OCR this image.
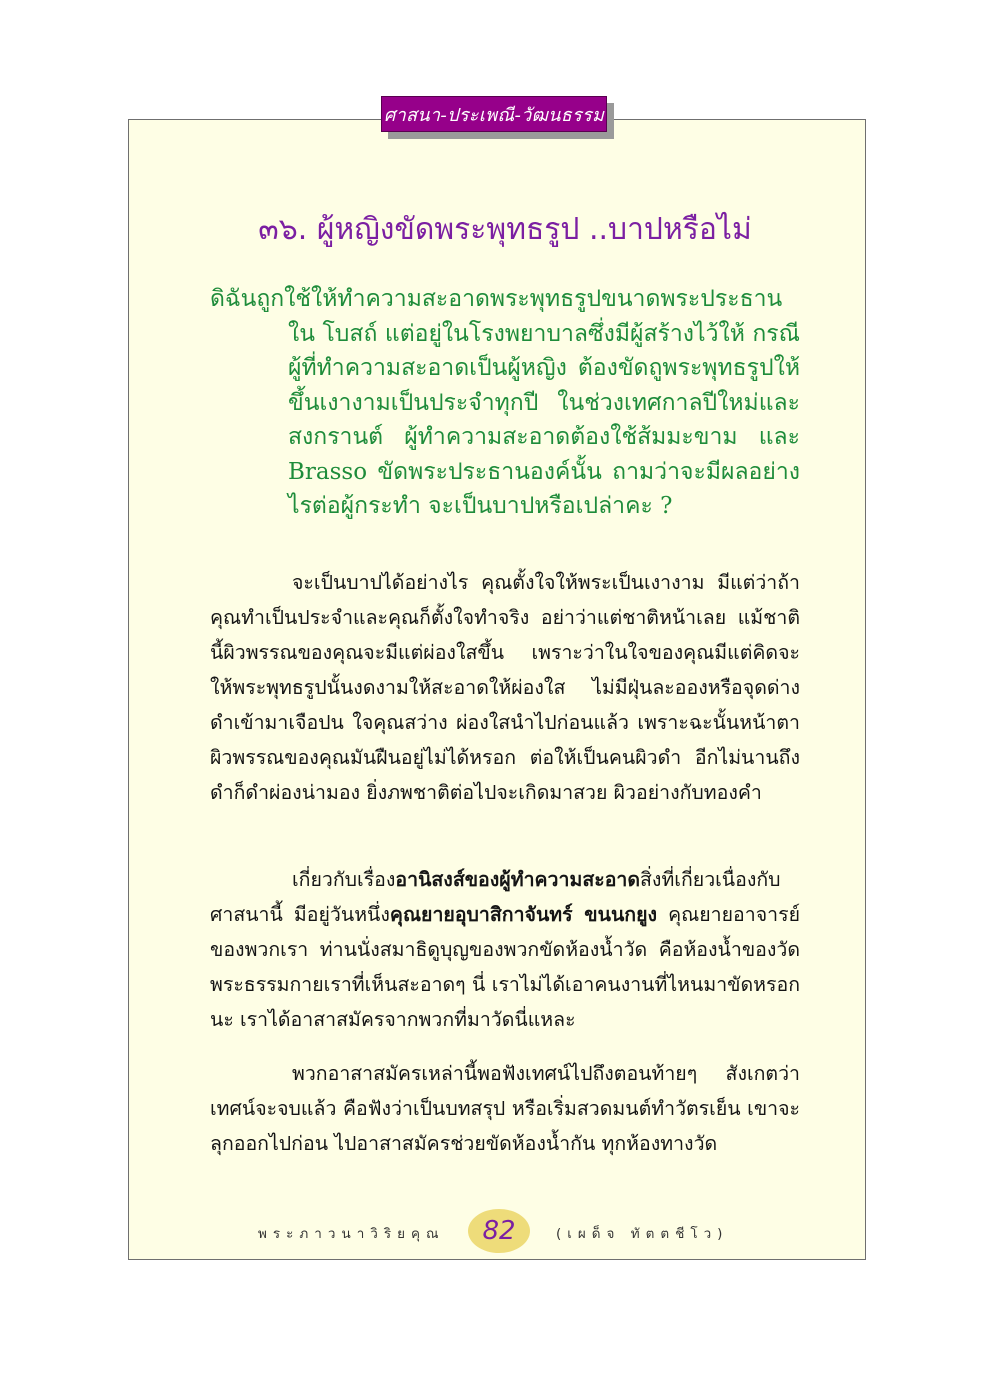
ศาสนา-ประเพณี-วัฒนธรรม
๓๖. ผู้หญิงขัดพระพุทธรูป ..บาปหรือไม่
ดิฉันถูกใช้ให้ทำความสะอาดพระพุทธรูปขนาดพระประธานใน โบสถ์ แต่อยู่ในโรงพยาบาลซึ่งมีผู้สร้างไว้ให้ กรณีผู้ที่ทำความสะอาดเป็นผู้หญิง ต้องขัดถูพระพุทธรูปให้ขึ้นเงางามเป็นประจำทุกปี ในช่วงเทศกาลปีใหม่และสงกรานต์ ผู้ทำความสะอาดต้องใช้ส้มมะขาม และ Brasso ขัดพระประธานองค์นั้น ถามว่าจะมีผลอย่างไรต่อผู้กระทำ จะเป็นบาปหรือเปล่าคะ ?

จะเป็นบาปได้อย่างไร คุณตั้งใจให้พระเป็นเงางาม มีแต่ว่าถ้าคุณทำเป็นประจำและคุณก็ตั้งใจทำจริง อย่าว่าแต่ชาติหน้าเลย แม้ชาตินี้ผิวพรรณของคุณจะมีแต่ผ่องใสขึ้น เพราะว่าในใจของคุณมีแต่คิดจะให้พระพุทธรูปนั้นงดงามให้สะอาดให้ผ่องใส ไม่มีฝุ่นละอองหรือจุดด่างดำเข้ามาเจือปน ใจคุณสว่าง ผ่องใสนำไปก่อนแล้ว เพราะฉะนั้นหน้าตาผิวพรรณของคุณมันฝืนอยู่ไม่ได้หรอก ต่อให้เป็นคนผิวดำ อีกไม่นานถึงดำก็ดำผ่องน่ามอง ยิ่งภพชาติต่อไปจะเกิดมาสวย ผิวอย่างกับทองคำ

เกี่ยวกับเรื่องอานิสงส์ของผู้ทำความสะอาดสิ่งที่เกี่ยวเนื่องกับศาสนานี้ มีอยู่วันหนึ่งคุณยายอุบาสิกาจันทร์ ขนนกยูง คุณยายอาจารย์ของพวกเรา ท่านนั่งสมาธิดูบุญของพวกขัดห้องน้ำวัด คือห้องน้ำของวัดพระธรรมกายเราที่เห็นสะอาดๆ นี่ เราไม่ได้เอาคนงานที่ไหนมาขัดหรอกนะ เราได้อาสาสมัครจากพวกที่มาวัดนี่แหละ

พวกอาสาสมัครเหล่านี้พอฟังเทศน์ไปถึงตอนท้ายๆ สังเกตว่าเทศน์จะจบแล้ว คือฟังว่าเป็นบทสรุป หรือเริ่มสวดมนต์ทำวัตรเย็น เขาจะลุกออกไปก่อน ไปอาสาสมัครช่วยขัดห้องน้ำกัน ทุกห้องทางวัด

พระภาวนาวิริยคุณ	82	(เผด็จ ทัตตชีโว)
